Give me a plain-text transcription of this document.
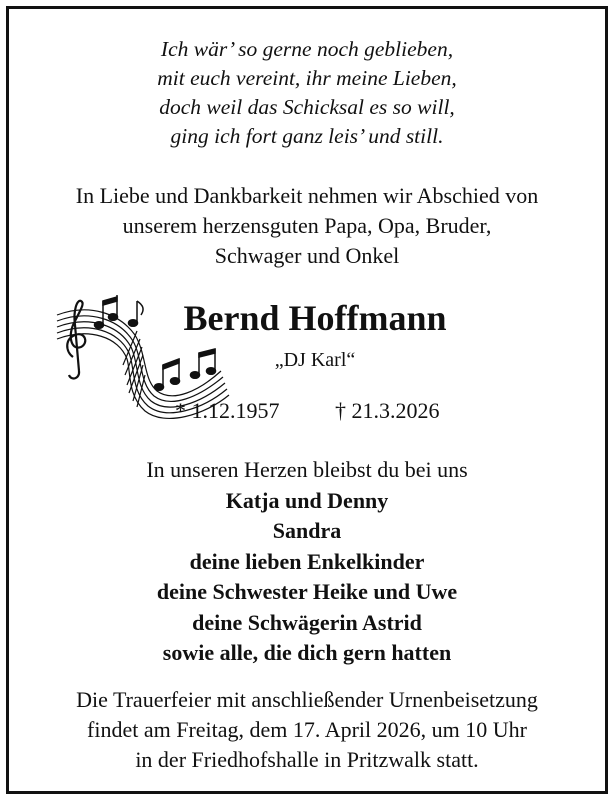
Ich wär’ so gerne noch geblieben,
mit euch vereint, ihr meine Lieben,
doch weil das Schicksal es so will,
ging ich fort ganz leis’ und still.
In Liebe und Dankbarkeit nehmen wir Abschied von
unserem herzensguten Papa, Opa, Bruder,
Schwager und Onkel
Bernd Hoffmann
„DJ Karl“
* 1.12.1957	† 21.3.2026
In unseren Herzen bleibst du bei uns
Katja und Denny
Sandra
deine lieben Enkelkinder
deine Schwester Heike und Uwe
deine Schwägerin Astrid
sowie alle, die dich gern hatten
Die Trauerfeier mit anschließender Urnenbeisetzung
findet am Freitag, dem 17. April 2026, um 10 Uhr
in der Friedhofshalle in Pritzwalk statt.
